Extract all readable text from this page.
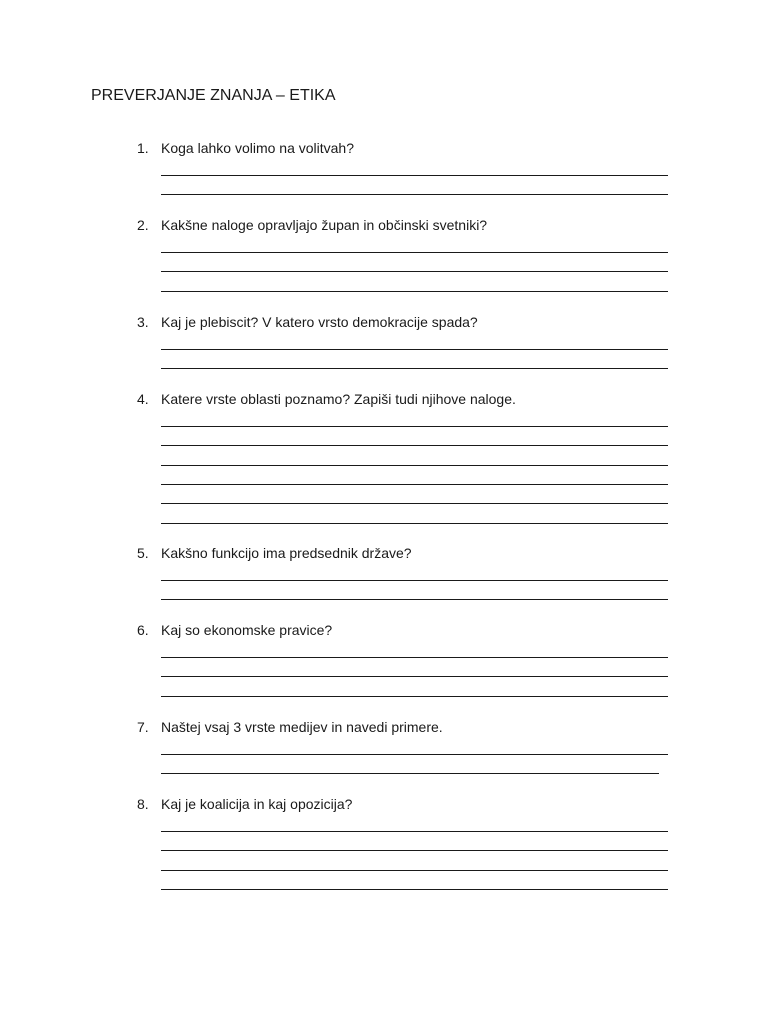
PREVERJANJE ZNANJA – ETIKA
1. Koga lahko volimo na volitvah?
2. Kakšne naloge opravljajo župan in občinski svetniki?
3. Kaj je plebiscit? V katero vrsto demokracije spada?
4. Katere vrste oblasti poznamo? Zapiši tudi njihove naloge.
5. Kakšno funkcijo ima predsednik države?
6. Kaj so ekonomske pravice?
7. Naštej vsaj 3 vrste medijev in navedi primere.
8. Kaj je koalicija in kaj opozicija?
